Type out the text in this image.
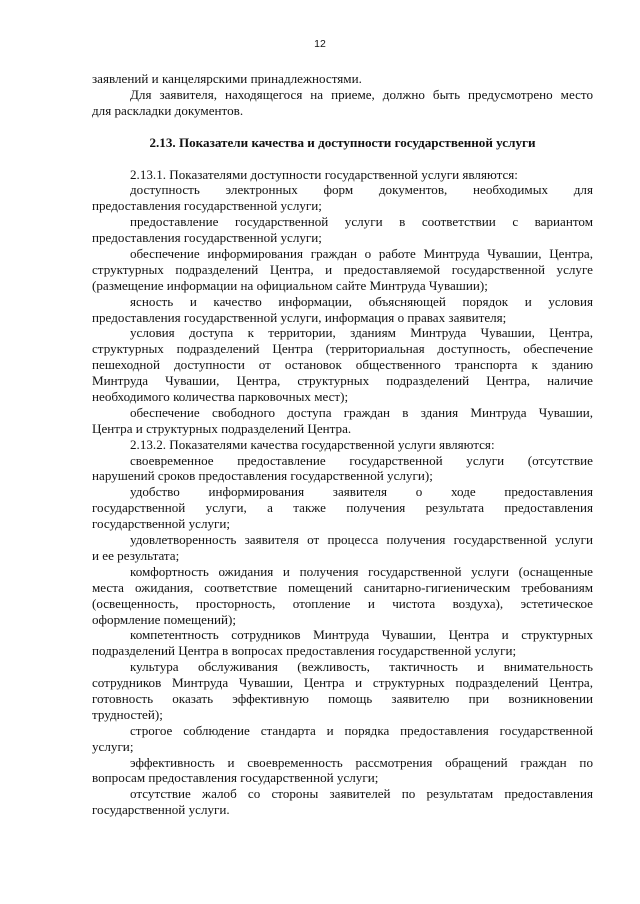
12
заявлений и канцелярскими принадлежностями.
Для заявителя, находящегося на приеме, должно быть предусмотрено место
для раскладки документов.
2.13. Показатели качества и доступности государственной услуги
2.13.1. Показателями доступности государственной услуги являются:
доступность электронных форм документов, необходимых для
предоставления государственной услуги;
предоставление государственной услуги в соответствии с вариантом
предоставления государственной услуги;
обеспечение информирования граждан о работе Минтруда Чувашии, Центра,
структурных подразделений Центра, и предоставляемой государственной услуге
(размещение информации на официальном сайте Минтруда Чувашии);
ясность и качество информации, объясняющей порядок и условия
предоставления государственной услуги, информация о правах заявителя;
условия доступа к территории, зданиям Минтруда Чувашии, Центра,
структурных подразделений Центра (территориальная доступность, обеспечение
пешеходной доступности от остановок общественного транспорта к зданию
Минтруда Чувашии, Центра, структурных подразделений Центра, наличие
необходимого количества парковочных мест);
обеспечение свободного доступа граждан в здания Минтруда Чувашии,
Центра и структурных подразделений Центра.
2.13.2. Показателями качества государственной услуги являются:
своевременное предоставление государственной услуги (отсутствие
нарушений сроков предоставления государственной услуги);
удобство информирования заявителя о ходе предоставления
государственной услуги, а также получения результата предоставления
государственной услуги;
удовлетворенность заявителя от процесса получения государственной услуги
и ее результата;
комфортность ожидания и получения государственной услуги (оснащенные
места ожидания, соответствие помещений санитарно-гигиеническим требованиям
(освещенность, просторность, отопление и чистота воздуха), эстетическое
оформление помещений);
компетентность сотрудников Минтруда Чувашии, Центра и структурных
подразделений Центра в вопросах предоставления государственной услуги;
культура обслуживания (вежливость, тактичность и внимательность
сотрудников Минтруда Чувашии, Центра и структурных подразделений Центра,
готовность оказать эффективную помощь заявителю при возникновении
трудностей);
строгое соблюдение стандарта и порядка предоставления государственной
услуги;
эффективность и своевременность рассмотрения обращений граждан по
вопросам предоставления государственной услуги;
отсутствие жалоб со стороны заявителей по результатам предоставления
государственной услуги.
